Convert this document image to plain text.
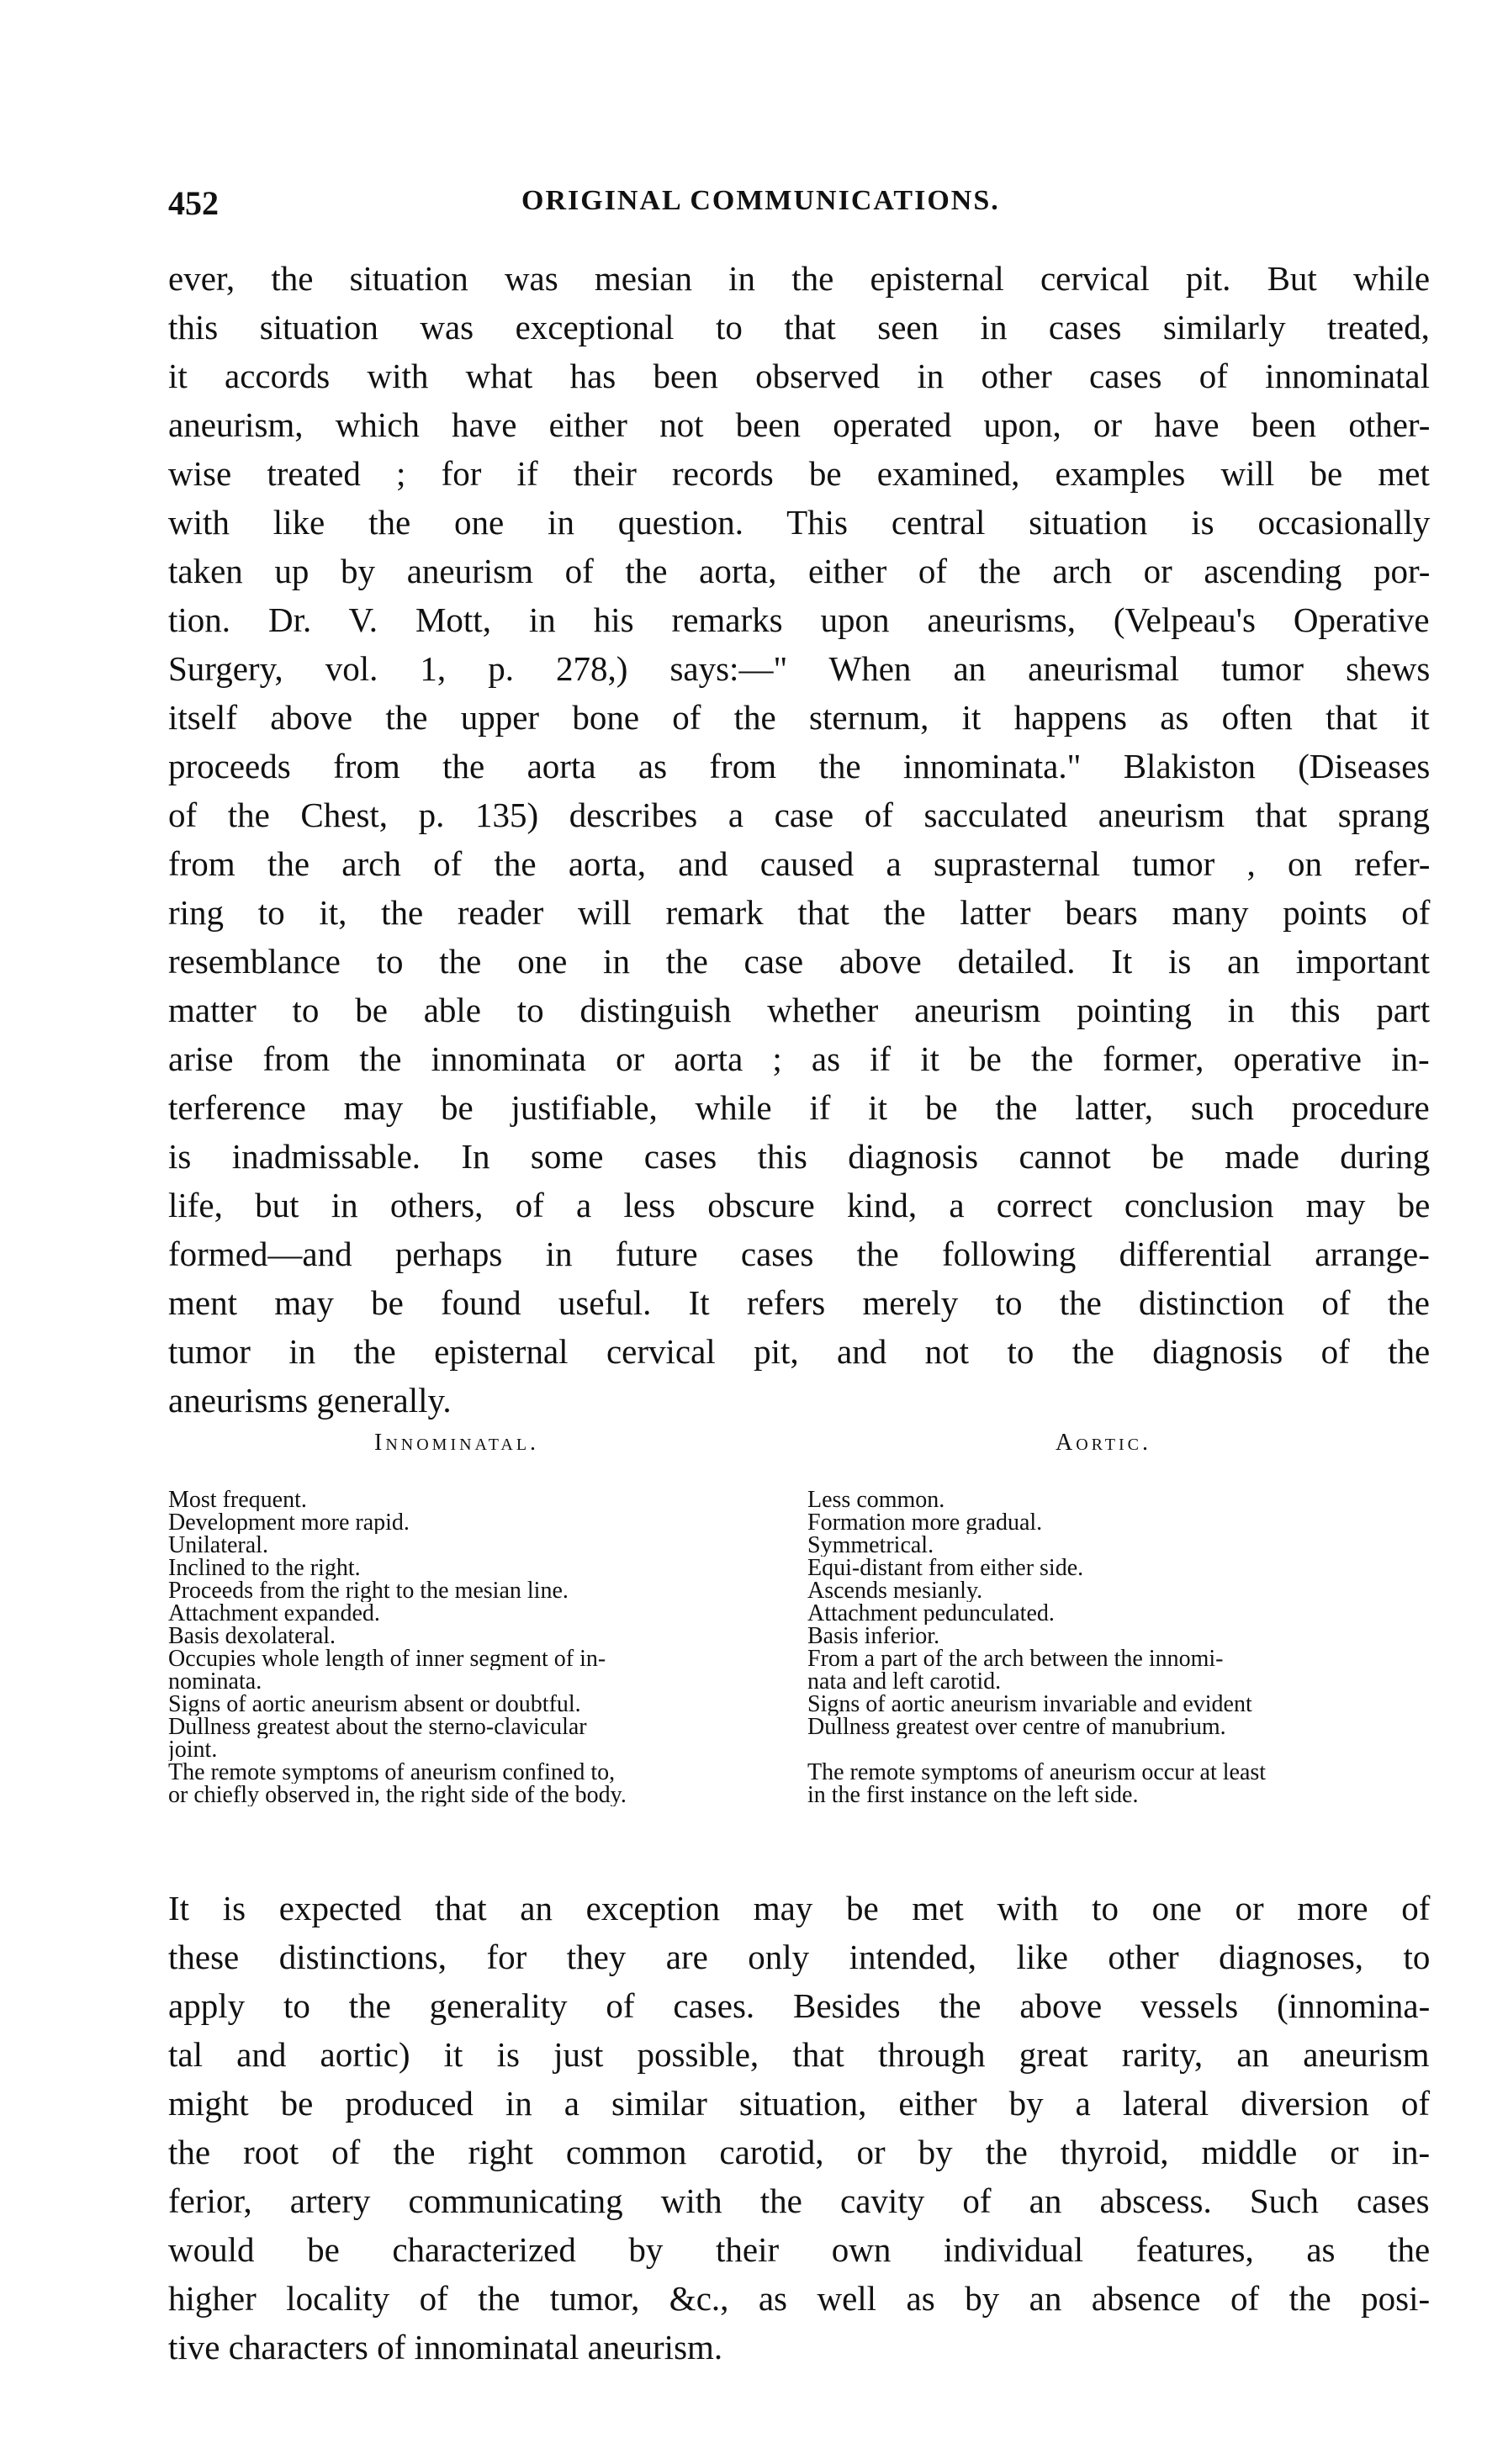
452	ORIGINAL COMMUNICATIONS.

ever, the situation was mesian in the episternal cervical pit. But while
this situation was exceptional to that seen in cases similarly treated,
it accords with what has been observed in other cases of innominatal
aneurism, which have either not been operated upon, or have been other-
wise treated ; for if their records be examined, examples will be met
with like the one in question. This central situation is occasionally
taken up by aneurism of the aorta, either of the arch or ascending por-
tion. Dr. V. Mott, in his remarks upon aneurisms, (Velpeau's Operative
Surgery, vol. 1, p. 278,) says:—" When an aneurismal tumor shews
itself above the upper bone of the sternum, it happens as often that it
proceeds from the aorta as from the innominata." Blakiston (Diseases
of the Chest, p. 135) describes a case of sacculated aneurism that sprang
from the arch of the aorta, and caused a suprasternal tumor , on refer-
ring to it, the reader will remark that the latter bears many points of
resemblance to the one in the case above detailed. It is an important
matter to be able to distinguish whether aneurism pointing in this part
arise from the innominata or aorta ; as if it be the former, operative in-
terference may be justifiable, while if it be the latter, such procedure
is inadmissable. In some cases this diagnosis cannot be made during
life, but in others, of a less obscure kind, a correct conclusion may be
formed—and perhaps in future cases the following differential arrange-
ment may be found useful. It refers merely to the distinction of the
tumor in the episternal cervical pit, and not to the diagnosis of the
aneurisms generally.

Innominatal.	Aortic.
Most frequent.
Development more rapid.
Unilateral.
Inclined to the right.
Proceeds from the right to the mesian line.
Attachment expanded.
Basis dexolateral.
Occupies whole length of inner segment of in-
nominata.
Signs of aortic aneurism absent or doubtful.
Dullness greatest about the sterno-clavicular
joint.
The remote symptoms of aneurism confined to,
or chiefly observed in, the right side of the body.
Less common.
Formation more gradual.
Symmetrical.
Equi-distant from either side.
Ascends mesianly.
Attachment pedunculated.
Basis inferior.
From a part of the arch between the innomi-
nata and left carotid.
Signs of aortic aneurism invariable and evident
Dullness greatest over centre of manubrium.

The remote symptoms of aneurism occur at least
in the first instance on the left side.

It is expected that an exception may be met with to one or more of
these distinctions, for they are only intended, like other diagnoses, to
apply to the generality of cases. Besides the above vessels (innomina-
tal and aortic) it is just possible, that through great rarity, an aneurism
might be produced in a similar situation, either by a lateral diversion of
the root of the right common carotid, or by the thyroid, middle or in-
ferior, artery communicating with the cavity of an abscess. Such cases
would be characterized by their own individual features, as the
higher locality of the tumor, &c., as well as by an absence of the posi-
tive characters of innominatal aneurism.
